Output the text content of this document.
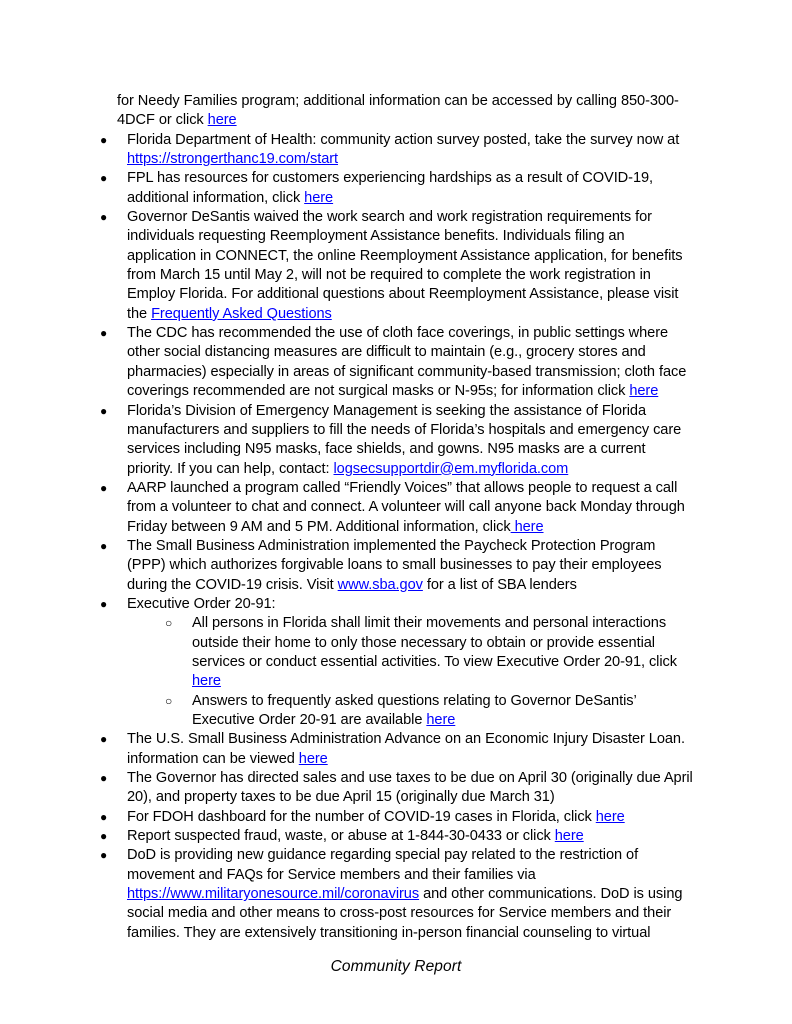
for Needy Families program; additional information can be accessed by calling 850-300-4DCF or click here

●	Florida Department of Health: community action survey posted, take the survey now at https://strongerthanc19.com/start
●	FPL has resources for customers experiencing hardships as a result of COVID-19, additional information, click here
●	Governor DeSantis waived the work search and work registration requirements for individuals requesting Reemployment Assistance benefits. Individuals filing an application in CONNECT, the online Reemployment Assistance application, for benefits from March 15 until May 2, will not be required to complete the work registration in Employ Florida. For additional questions about Reemployment Assistance, please visit the Frequently Asked Questions
●	The CDC has recommended the use of cloth face coverings, in public settings where other social distancing measures are difficult to maintain (e.g., grocery stores and pharmacies) especially in areas of significant community-based transmission; cloth face coverings recommended are not surgical masks or N-95s; for information click here
●	Florida’s Division of Emergency Management is seeking the assistance of Florida manufacturers and suppliers to fill the needs of Florida’s hospitals and emergency care services including N95 masks, face shields, and gowns. N95 masks are a current priority. If you can help, contact: logsecsupportdir@em.myflorida.com
●	AARP launched a program called “Friendly Voices” that allows people to request a call from a volunteer to chat and connect. A volunteer will call anyone back Monday through Friday between 9 AM and 5 PM. Additional information, click here
●	The Small Business Administration implemented the Paycheck Protection Program (PPP) which authorizes forgivable loans to small businesses to pay their employees during the COVID-19 crisis. Visit www.sba.gov for a list of SBA lenders
●	Executive Order 20-91:
○	All persons in Florida shall limit their movements and personal interactions outside their home to only those necessary to obtain or provide essential services or conduct essential activities. To view Executive Order 20-91, click here
○	Answers to frequently asked questions relating to Governor DeSantis’ Executive Order 20-91 are available here
●	The U.S. Small Business Administration Advance on an Economic Injury Disaster Loan. information can be viewed here
●	The Governor has directed sales and use taxes to be due on April 30 (originally due April 20), and property taxes to be due April 15 (originally due March 31)
●	For FDOH dashboard for the number of COVID-19 cases in Florida, click here
●	Report suspected fraud, waste, or abuse at 1-844-30-0433 or click here
●	DoD is providing new guidance regarding special pay related to the restriction of movement and FAQs for Service members and their families via https://www.militaryonesource.mil/coronavirus and other communications. DoD is using social media and other means to cross-post resources for Service members and their families. They are extensively transitioning in-person financial counseling to virtual
Community Report
